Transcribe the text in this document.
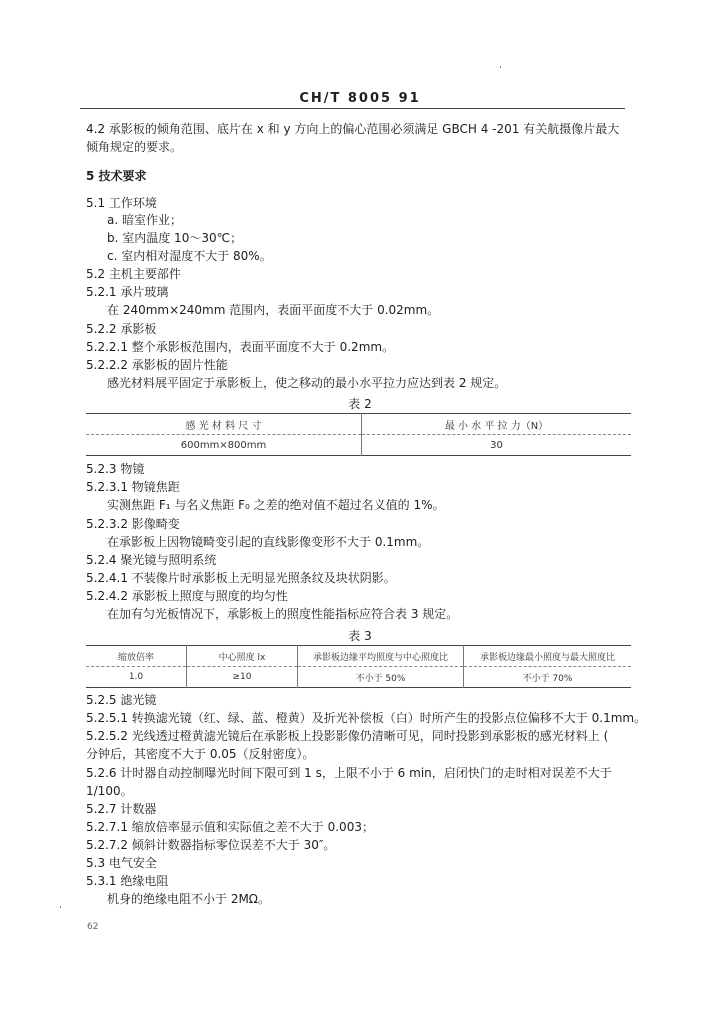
CH/T 8005 91
4.2 承影板的倾角范围、底片在 x 和 y 方向上的偏心范围必须满足 GBCH 4 -201 有关航摄像片最大
倾角规定的要求。
5 技术要求
5.1 工作环境
a. 暗室作业；
b. 室内温度 10～30℃；
c. 室内相对湿度不大于 80%。
5.2 主机主要部件
5.2.1 承片玻璃
在 240mm×240mm 范围内，表面平面度不大于 0.02mm。
5.2.2 承影板
5.2.2.1 整个承影板范围内，表面平面度不大于 0.2mm。
5.2.2.2 承影板的固片性能
感光材料展平固定于承影板上，使之移动的最小水平拉力应达到表 2 规定。
表 2
感 光 材 料 尺 寸	最 小 水 平 拉 力（N）
600mm×800mm	30
5.2.3 物镜
5.2.3.1 物镜焦距
实测焦距 F₁ 与名义焦距 F₀ 之差的绝对值不超过名义值的 1%。
5.2.3.2 影像畸变
在承影板上因物镜畸变引起的直线影像变形不大于 0.1mm。
5.2.4 聚光镜与照明系统
5.2.4.1 不装像片时承影板上无明显光照条纹及块状阴影。
5.2.4.2 承影板上照度与照度的均匀性
在加有匀光板情况下，承影板上的照度性能指标应符合表 3 规定。
表 3
缩放倍率	中心照度 lx	承影板边缘平均照度与中心照度比	承影板边缘最小照度与最大照度比
1.0	≥10	不小于 50%	不小于 70%
5.2.5 滤光镜
5.2.5.1 转换滤光镜（红、绿、蓝、橙黄）及折光补偿板（白）时所产生的投影点位偏移不大于 0.1mm。
5.2.5.2 光线透过橙黄滤光镜后在承影板上投影影像仍清晰可见，同时投影到承影板的感光材料上 (
分钟后，其密度不大于 0.05（反射密度）。
5.2.6 计时器自动控制曝光时间下限可到 1 s，上限不小于 6 min，启闭快门的走时相对误差不大于
1/100。
5.2.7 计数器
5.2.7.1 缩放倍率显示值和实际值之差不大于 0.003；
5.2.7.2 倾斜计数器指标零位误差不大于 30″。
5.3 电气安全
5.3.1 绝缘电阻
机身的绝缘电阻不小于 2MΩ。
62
